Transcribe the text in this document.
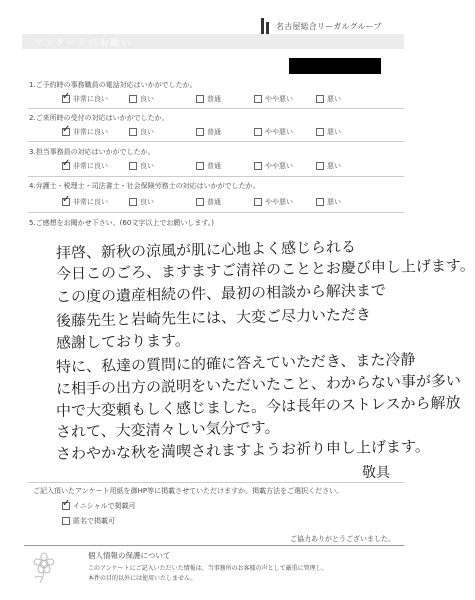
名古屋総合リーガルグループ
アンケートのお願い
1.ご予約時の事務職員の電話対応はいかがでしたか。
✓ 非常に良い	良い	普通	やや悪い	悪い
2.ご来所時の受付の対応はいかがでしたか。
✓ 非常に良い	良い	普通	やや悪い	悪い
3.担当事務員の対応はいかがでしたか。
✓ 非常に良い	良い	普通	やや悪い	悪い
4.弁護士・税理士・司法書士・社会保険労務士の対応はいかがでしたか。
✓ 非常に良い	良い	普通	やや悪い	悪い
5.ご感想をお聞かせ下さい。(60文字以上でお願いします。)
拝啓、新秋の涼風が肌に心地よく感じられる
今日このごろ、ますますご清祥のこととお慶び申し上げます。
この度の遺産相続の件、最初の相談から解決まで
後藤先生と岩崎先生には、大変ご尽力いただき
感謝しております。
特に、私達の質問に的確に答えていただき、また冷静
に相手の出方の説明をいただいたこと、わからない事が多い
中で大変頼もしく感じました。今は長年のストレスから解放
されて、大変清々しい気分です。
さわやかな秋を満喫されますようお祈り申し上げます。
敬具
ご記入頂いたアンケート用紙を御HP等に掲載させていただけますか。掲載方法をご選択ください。
✓ イニシャルで掲載可
匿名で掲載可
ご協力ありがとうございました。
個人情報の保護について
このアンケートにご記入いただいた情報は、当事務所のお客様の声として厳重に管理し、
本件の目的以外には使用いたしません。
